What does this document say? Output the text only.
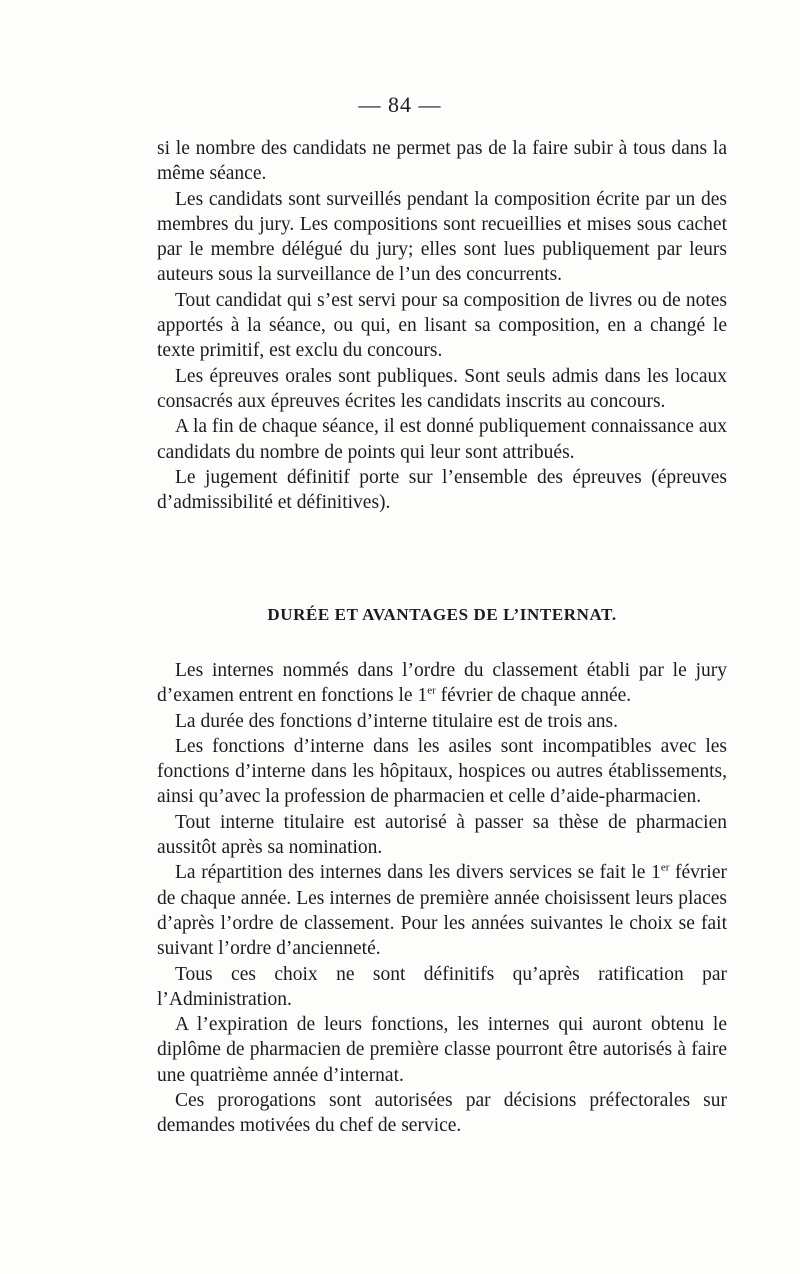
— 84 —

si le nombre des candidats ne permet pas de la faire subir à tous dans la même séance.

Les candidats sont surveillés pendant la composition écrite par un des membres du jury. Les compositions sont recueillies et mises sous cachet par le membre délégué du jury; elles sont lues publiquement par leurs auteurs sous la surveillance de l’un des concurrents.

Tout candidat qui s’est servi pour sa composition de livres ou de notes apportés à la séance, ou qui, en lisant sa composition, en a changé le texte primitif, est exclu du concours.

Les épreuves orales sont publiques. Sont seuls admis dans les locaux consacrés aux épreuves écrites les candidats inscrits au concours.

A la fin de chaque séance, il est donné publiquement connaissance aux candidats du nombre de points qui leur sont attribués.

Le jugement définitif porte sur l’ensemble des épreuves (épreuves d’admissibilité et définitives).

DURÉE ET AVANTAGES DE L’INTERNAT.

Les internes nommés dans l’ordre du classement établi par le jury d’examen entrent en fonctions le 1er février de chaque année.

La durée des fonctions d’interne titulaire est de trois ans.

Les fonctions d’interne dans les asiles sont incompatibles avec les fonctions d’interne dans les hôpitaux, hospices ou autres établissements, ainsi qu’avec la profession de pharmacien et celle d’aide-pharmacien.

Tout interne titulaire est autorisé à passer sa thèse de pharmacien aussitôt après sa nomination.

La répartition des internes dans les divers services se fait le 1er février de chaque année. Les internes de première année choisissent leurs places d’après l’ordre de classement. Pour les années suivantes le choix se fait suivant l’ordre d’ancienneté.

Tous ces choix ne sont définitifs qu’après ratification par l’Administration.

A l’expiration de leurs fonctions, les internes qui auront obtenu le diplôme de pharmacien de première classe pourront être autorisés à faire une quatrième année d’internat.

Ces prorogations sont autorisées par décisions préfectorales sur demandes motivées du chef de service.
